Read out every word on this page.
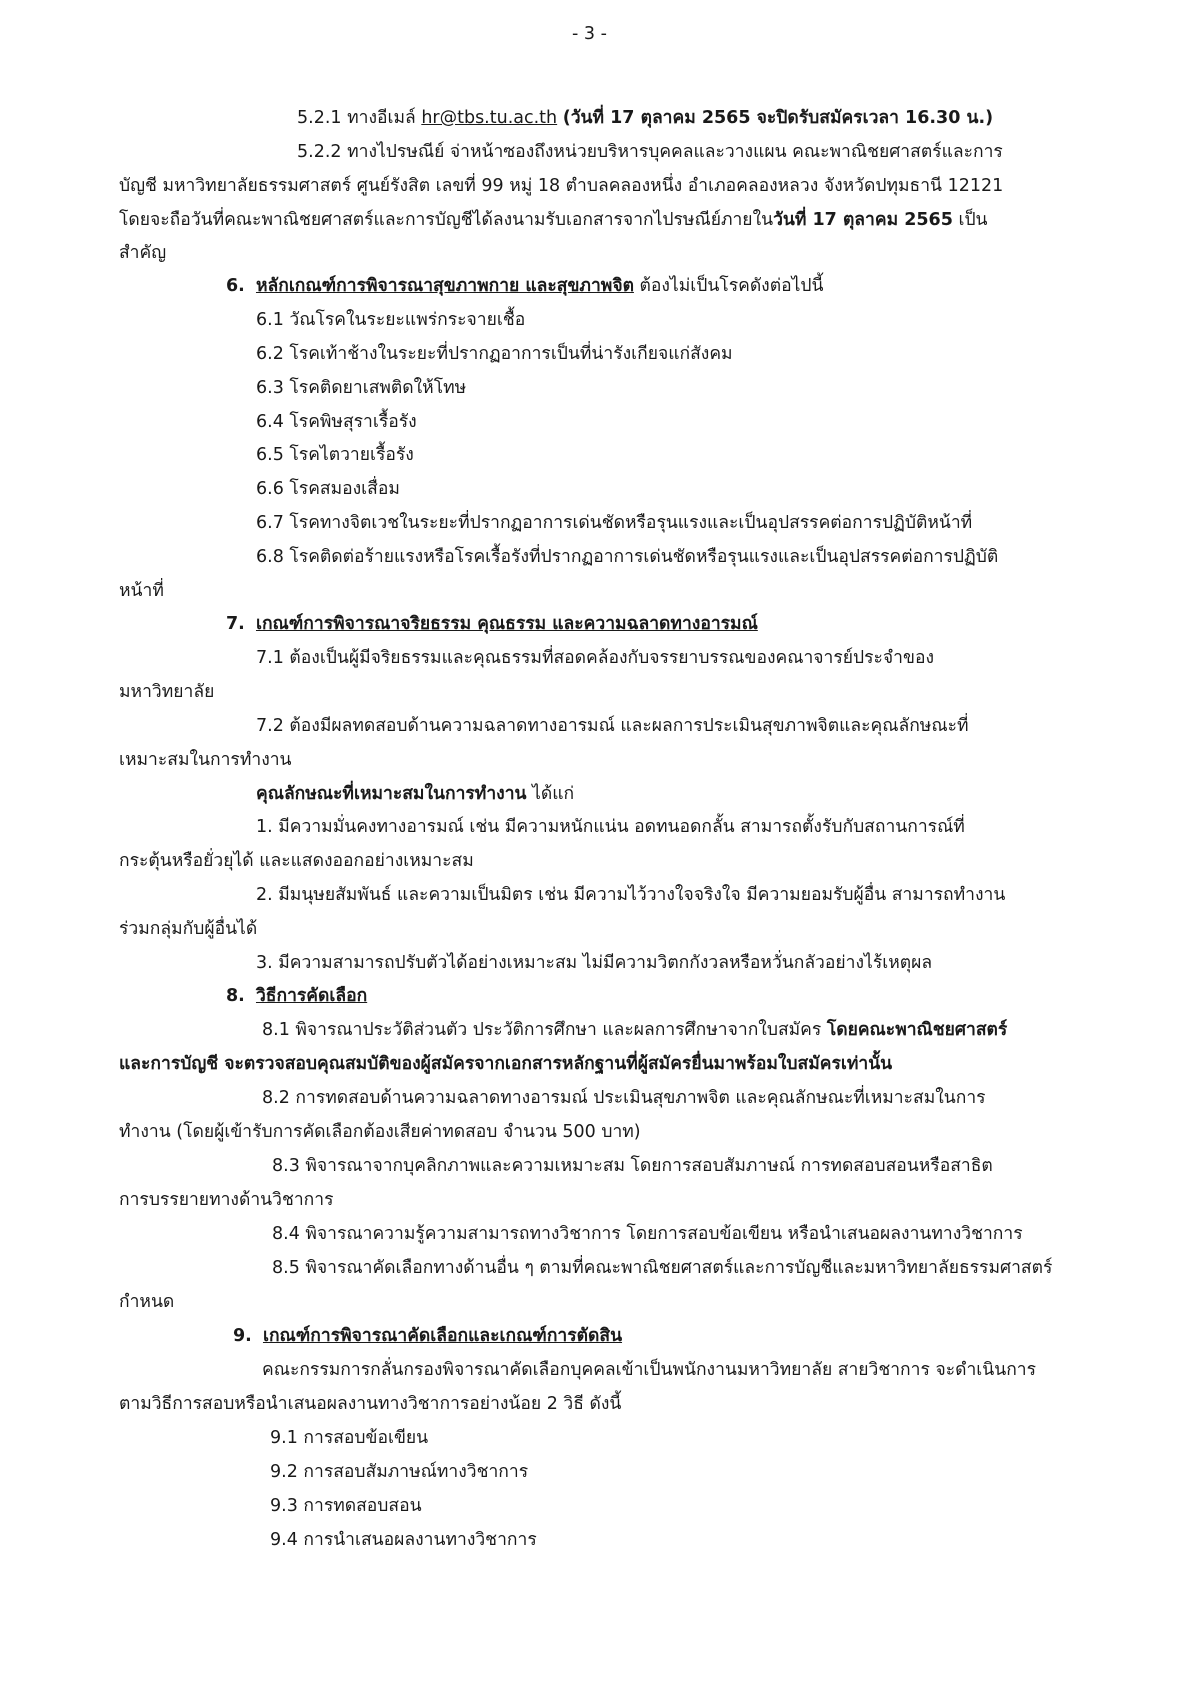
- 3 -
5.2.1 ทางอีเมล์ hr@tbs.tu.ac.th (วันที่ 17 ตุลาคม 2565 จะปิดรับสมัครเวลา 16.30 น.)
5.2.2 ทางไปรษณีย์ จ่าหน้าซองถึงหน่วยบริหารบุคคลและวางแผน คณะพาณิชยศาสตร์และการ
บัญชี มหาวิทยาลัยธรรมศาสตร์ ศูนย์รังสิต เลขที่ 99 หมู่ 18 ตำบลคลองหนึ่ง อำเภอคลองหลวง จังหวัดปทุมธานี 12121
โดยจะถือวันที่คณะพาณิชยศาสตร์และการบัญชีได้ลงนามรับเอกสารจากไปรษณีย์ภายในวันที่ 17 ตุลาคม 2565 เป็น
สำคัญ
6. หลักเกณฑ์การพิจารณาสุขภาพกาย และสุขภาพจิต ต้องไม่เป็นโรคดังต่อไปนี้
6.1 วัณโรคในระยะแพร่กระจายเชื้อ
6.2 โรคเท้าช้างในระยะที่ปรากฏอาการเป็นที่น่ารังเกียจแก่สังคม
6.3 โรคติดยาเสพติดให้โทษ
6.4 โรคพิษสุราเรื้อรัง
6.5 โรคไตวายเรื้อรัง
6.6 โรคสมองเสื่อม
6.7 โรคทางจิตเวชในระยะที่ปรากฏอาการเด่นชัดหรือรุนแรงและเป็นอุปสรรคต่อการปฏิบัติหน้าที่
6.8 โรคติดต่อร้ายแรงหรือโรคเรื้อรังที่ปรากฏอาการเด่นชัดหรือรุนแรงและเป็นอุปสรรคต่อการปฏิบัติ
หน้าที่
7. เกณฑ์การพิจารณาจริยธรรม คุณธรรม และความฉลาดทางอารมณ์
7.1 ต้องเป็นผู้มีจริยธรรมและคุณธรรมที่สอดคล้องกับจรรยาบรรณของคณาจารย์ประจำของ
มหาวิทยาลัย
7.2 ต้องมีผลทดสอบด้านความฉลาดทางอารมณ์ และผลการประเมินสุขภาพจิตและคุณลักษณะที่
เหมาะสมในการทำงาน
คุณลักษณะที่เหมาะสมในการทำงาน ได้แก่
1. มีความมั่นคงทางอารมณ์ เช่น มีความหนักแน่น อดทนอดกลั้น สามารถตั้งรับกับสถานการณ์ที่
กระตุ้นหรือยั่วยุได้ และแสดงออกอย่างเหมาะสม
2. มีมนุษยสัมพันธ์ และความเป็นมิตร เช่น มีความไว้วางใจจริงใจ มีความยอมรับผู้อื่น สามารถทำงาน
ร่วมกลุ่มกับผู้อื่นได้
3. มีความสามารถปรับตัวได้อย่างเหมาะสม ไม่มีความวิตกกังวลหรือหวั่นกลัวอย่างไร้เหตุผล
8. วิธีการคัดเลือก
8.1 พิจารณาประวัติส่วนตัว ประวัติการศึกษา และผลการศึกษาจากใบสมัคร โดยคณะพาณิชยศาสตร์
และการบัญชี จะตรวจสอบคุณสมบัติของผู้สมัครจากเอกสารหลักฐานที่ผู้สมัครยื่นมาพร้อมใบสมัครเท่านั้น
8.2 การทดสอบด้านความฉลาดทางอารมณ์ ประเมินสุขภาพจิต และคุณลักษณะที่เหมาะสมในการ
ทำงาน (โดยผู้เข้ารับการคัดเลือกต้องเสียค่าทดสอบ จำนวน 500 บาท)
8.3 พิจารณาจากบุคลิกภาพและความเหมาะสม โดยการสอบสัมภาษณ์ การทดสอบสอนหรือสาธิต
การบรรยายทางด้านวิชาการ
8.4 พิจารณาความรู้ความสามารถทางวิชาการ โดยการสอบข้อเขียน หรือนำเสนอผลงานทางวิชาการ
8.5 พิจารณาคัดเลือกทางด้านอื่น ๆ ตามที่คณะพาณิชยศาสตร์และการบัญชีและมหาวิทยาลัยธรรมศาสตร์
กำหนด
9. เกณฑ์การพิจารณาคัดเลือกและเกณฑ์การตัดสิน
คณะกรรมการกลั่นกรองพิจารณาคัดเลือกบุคคลเข้าเป็นพนักงานมหาวิทยาลัย สายวิชาการ จะดำเนินการ
ตามวิธีการสอบหรือนำเสนอผลงานทางวิชาการอย่างน้อย 2 วิธี ดังนี้
9.1 การสอบข้อเขียน
9.2 การสอบสัมภาษณ์ทางวิชาการ
9.3 การทดสอบสอน
9.4 การนำเสนอผลงานทางวิชาการ
